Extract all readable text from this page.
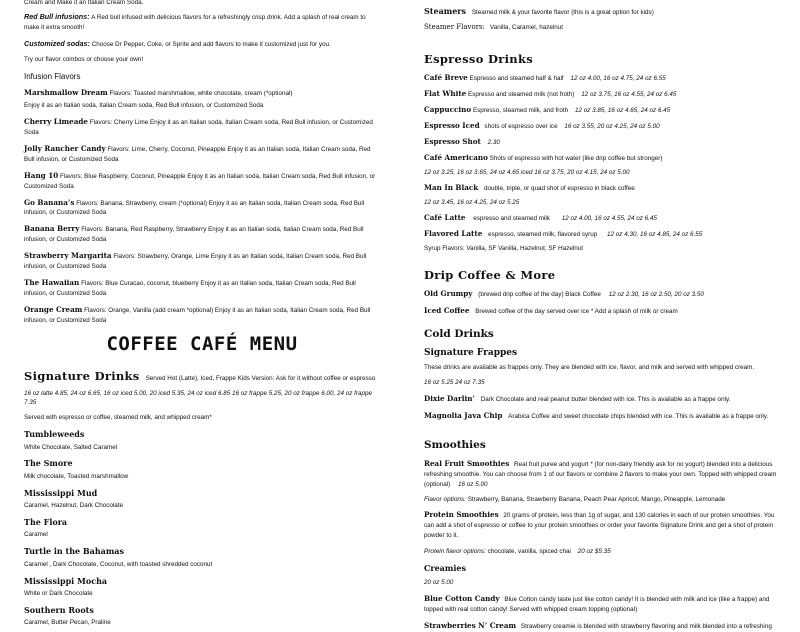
Cream and Make it an Italian Cream Soda.
Red Bull infusions: A Red bull infused with delicious flavors for a refreshingly crisp drink. Add a splash of real cream to make it extra smooth!
Customized sodas: Choose Dr Pepper, Coke, or Sprite and add flavors to make it customized just for you.
Try our flavor combos or choose your own!
Infusion Flavors
Marshmallow Dream Flavors: Toasted marshmallow, white chocolate, cream (*optional)
Enjoy it as an Italian soda, Italian Cream soda, Red Bull infusion, or Customized Soda
Cherry Limeade Flavors: Cherry Lime Enjoy it as an Italian soda, Italian Cream soda, Red Bull infusion, or Customized Soda
Jolly Rancher Candy Flavors: Lime, Cherry, Coconut, Pineapple Enjoy it as an Italian soda, Italian Cream soda, Red Bull infusion, or Customized Soda
Hang 10 Flavors: Blue Raspberry, Coconut, Pineapple Enjoy it as an Italian soda, Italian Cream soda, Red Bull infusion, or Customized Soda
Go Banana’s Flavors: Banana, Strawberry, cream (*optional) Enjoy it as an Italian soda, Italian Cream soda, Red Bull infusion, or Customized Soda
Banana Berry Flavors: Banana, Red Raspberry, Strawberry Enjoy it as an Italian soda, Italian Cream soda, Red Bull infusion, or Customized Soda
Strawberry Margarita Flavors: Strawberry, Orange, Lime Enjoy it as an Italian soda, Italian Cream soda, Red Bull infusion, or Customized Soda
The Hawaiian Flavors: Blue Curacao, coconut, blueberry Enjoy it as an Italian soda, Italian Cream soda, Red Bull infusion, or Customized Soda
Orange Cream Flavors: Orange, Vanilla (add cream *optional) Enjoy it as an Italian soda, Italian Cream soda, Red Bull infusion, or Customized Soda
COFFEE CAFÉ MENU
Signature Drinks Served Hot (Latte), Iced, Frappe Kids Version: Ask for it without coffee or espresso
16 oz latte 4.85, 24 oz 6.65, 16 oz iced 5.00, 20 iced 5.35, 24 oz iced 6.85 16 oz frappe 5.25, 20 oz frappe 6.00, 24 oz frappe 7.35
Served with espresso or coffee, steamed milk, and whipped cream*
Tumbleweeds
White Chocolate, Salted Caramel
The Smore
Milk chocolate, Toasted marshmallow
Mississippi Mud
Caramel, Hazelnut, Dark Chocolate
The Flora
Caramel
Turtle in the Bahamas
Caramel , Dark Chocolate, Coconut, with toasted shredded coconut
Mississippi Mocha
White or Dark Chocolate
Southern Roots
Caramel, Butter Pecan, Praline
Steamers Steamed milk & your favorite flavor (this is a great option for kids)
Steamer Flavors: Vanilla, Caramel, hazelnut
Espresso Drinks
Café Breve Espresso and steamed half & half 12 oz 4.00, 16 oz 4.75, 24 oz 6.55
Flat White Espresso and steamed milk (not froth) 12 oz 3.75, 16 oz 4.55, 24 oz 6.45
Cappuccino Espresso, steamed milk, and froth 12 oz 3.85, 16 oz 4.65, 24 oz 6.45
Espresso Iced shots of espresso over ice 16 oz 3.55, 20 oz 4.25, 24 oz 5.00
Espresso Shot 2.30
Café Americano Shots of espresso with hot water (like drip coffee but stronger)
12 oz 3.25, 16 oz 3.65, 24 oz 4.65 iced 16 oz 3.75, 20 oz 4.15, 24 oz 5.00
Man In Black double, triple, or quad shot of espresso in black coffee
12 oz 3.45, 16 oz 4.25, 24 oz 5.25
Café Latte espresso and steamed milk 12 oz 4.00, 16 oz 4.55, 24 oz 6.45
Flavored Latte espresso, steamed milk, flavored syrup 12 oz 4.30, 16 oz 4.85, 24 oz 6.55
Syrup Flavors: Vanilla, SF Vanilla, Hazelnut, SF Hazelnut
Drip Coffee & More
Old Grumpy (brewed drip coffee of the day) Black Coffee 12 oz 2.30, 16 oz 2.50, 20 oz 3.50
Iced Coffee Brewed coffee of the day served over ice * Add a splash of milk or cream
Cold Drinks
Signature Frappes
These drinks are available as frappes only. They are blended with ice, flavor, and milk and served with whipped cream.
16 oz 5.25 24 oz 7.35
Dixie Darlin’ Dark Chocolate and real peanut butter blended with ice. This is available as a frappe only.
Magnolia Java Chip Arabica Coffee and sweet chocolate chips blended with ice. This is available as a frappe only.
Smoothies
Real Fruit Smoothies Real fruit puree and yogurt * (for non-dairy friendly ask for no yogurt) blended into a delicious refreshing smoothie. You can choose from 1 of our flavors or combine 2 flavors to make your own. Topped with whipped cream (optional) 16 oz 5.00
Flavor options: Strawberry, Banana, Strawberry Banana, Peach Pear Apricot, Mango, Pineapple, Lemonade
Protein Smoothies 20 grams of protein, less than 1g of sugar, and 130 calories in each of our protein smoothies. You can add a shot of espresso or coffee to your protein smoothies or order your favorite Signature Drink and get a shot of protein powder to it.
Protein flavor options: chocolate, vanilla, spiced chai 20 oz $5.35
Creamies
20 oz 5.00
Blue Cotton Candy Blue Cotton candy taste just like cotton candy! It is blended with milk and ice (like a frappe) and topped with real cotton candy! Served with whipped cream topping (optional)
Strawberries N’ Cream Strawberry creamie is blended with strawberry flavoring and milk blended into a refreshing
